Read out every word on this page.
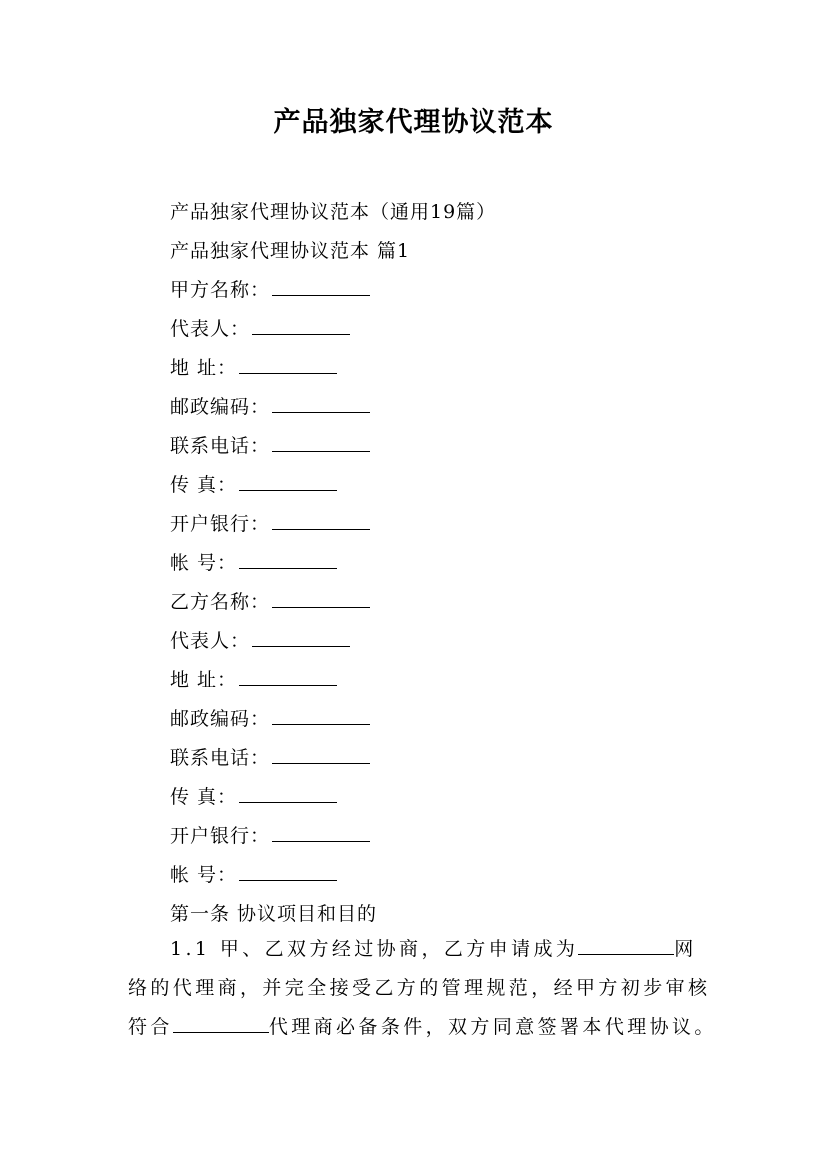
产品独家代理协议范本
产品独家代理协议范本（通用19篇）
产品独家代理协议范本 篇1
甲方名称：
代表人：
地 址：
邮政编码：
联系电话：
传 真：
开户银行：
帐 号：
乙方名称：
代表人：
地 址：
邮政编码：
联系电话：
传 真：
开户银行：
帐 号：
第一条 协议项目和目的
1.1 甲、乙双方经过协商，乙方申请成为	网络的代理商，并完全接受乙方的管理规范，经甲方初步审核符合	代理商必备条件，双方同意签署本代理协议。
